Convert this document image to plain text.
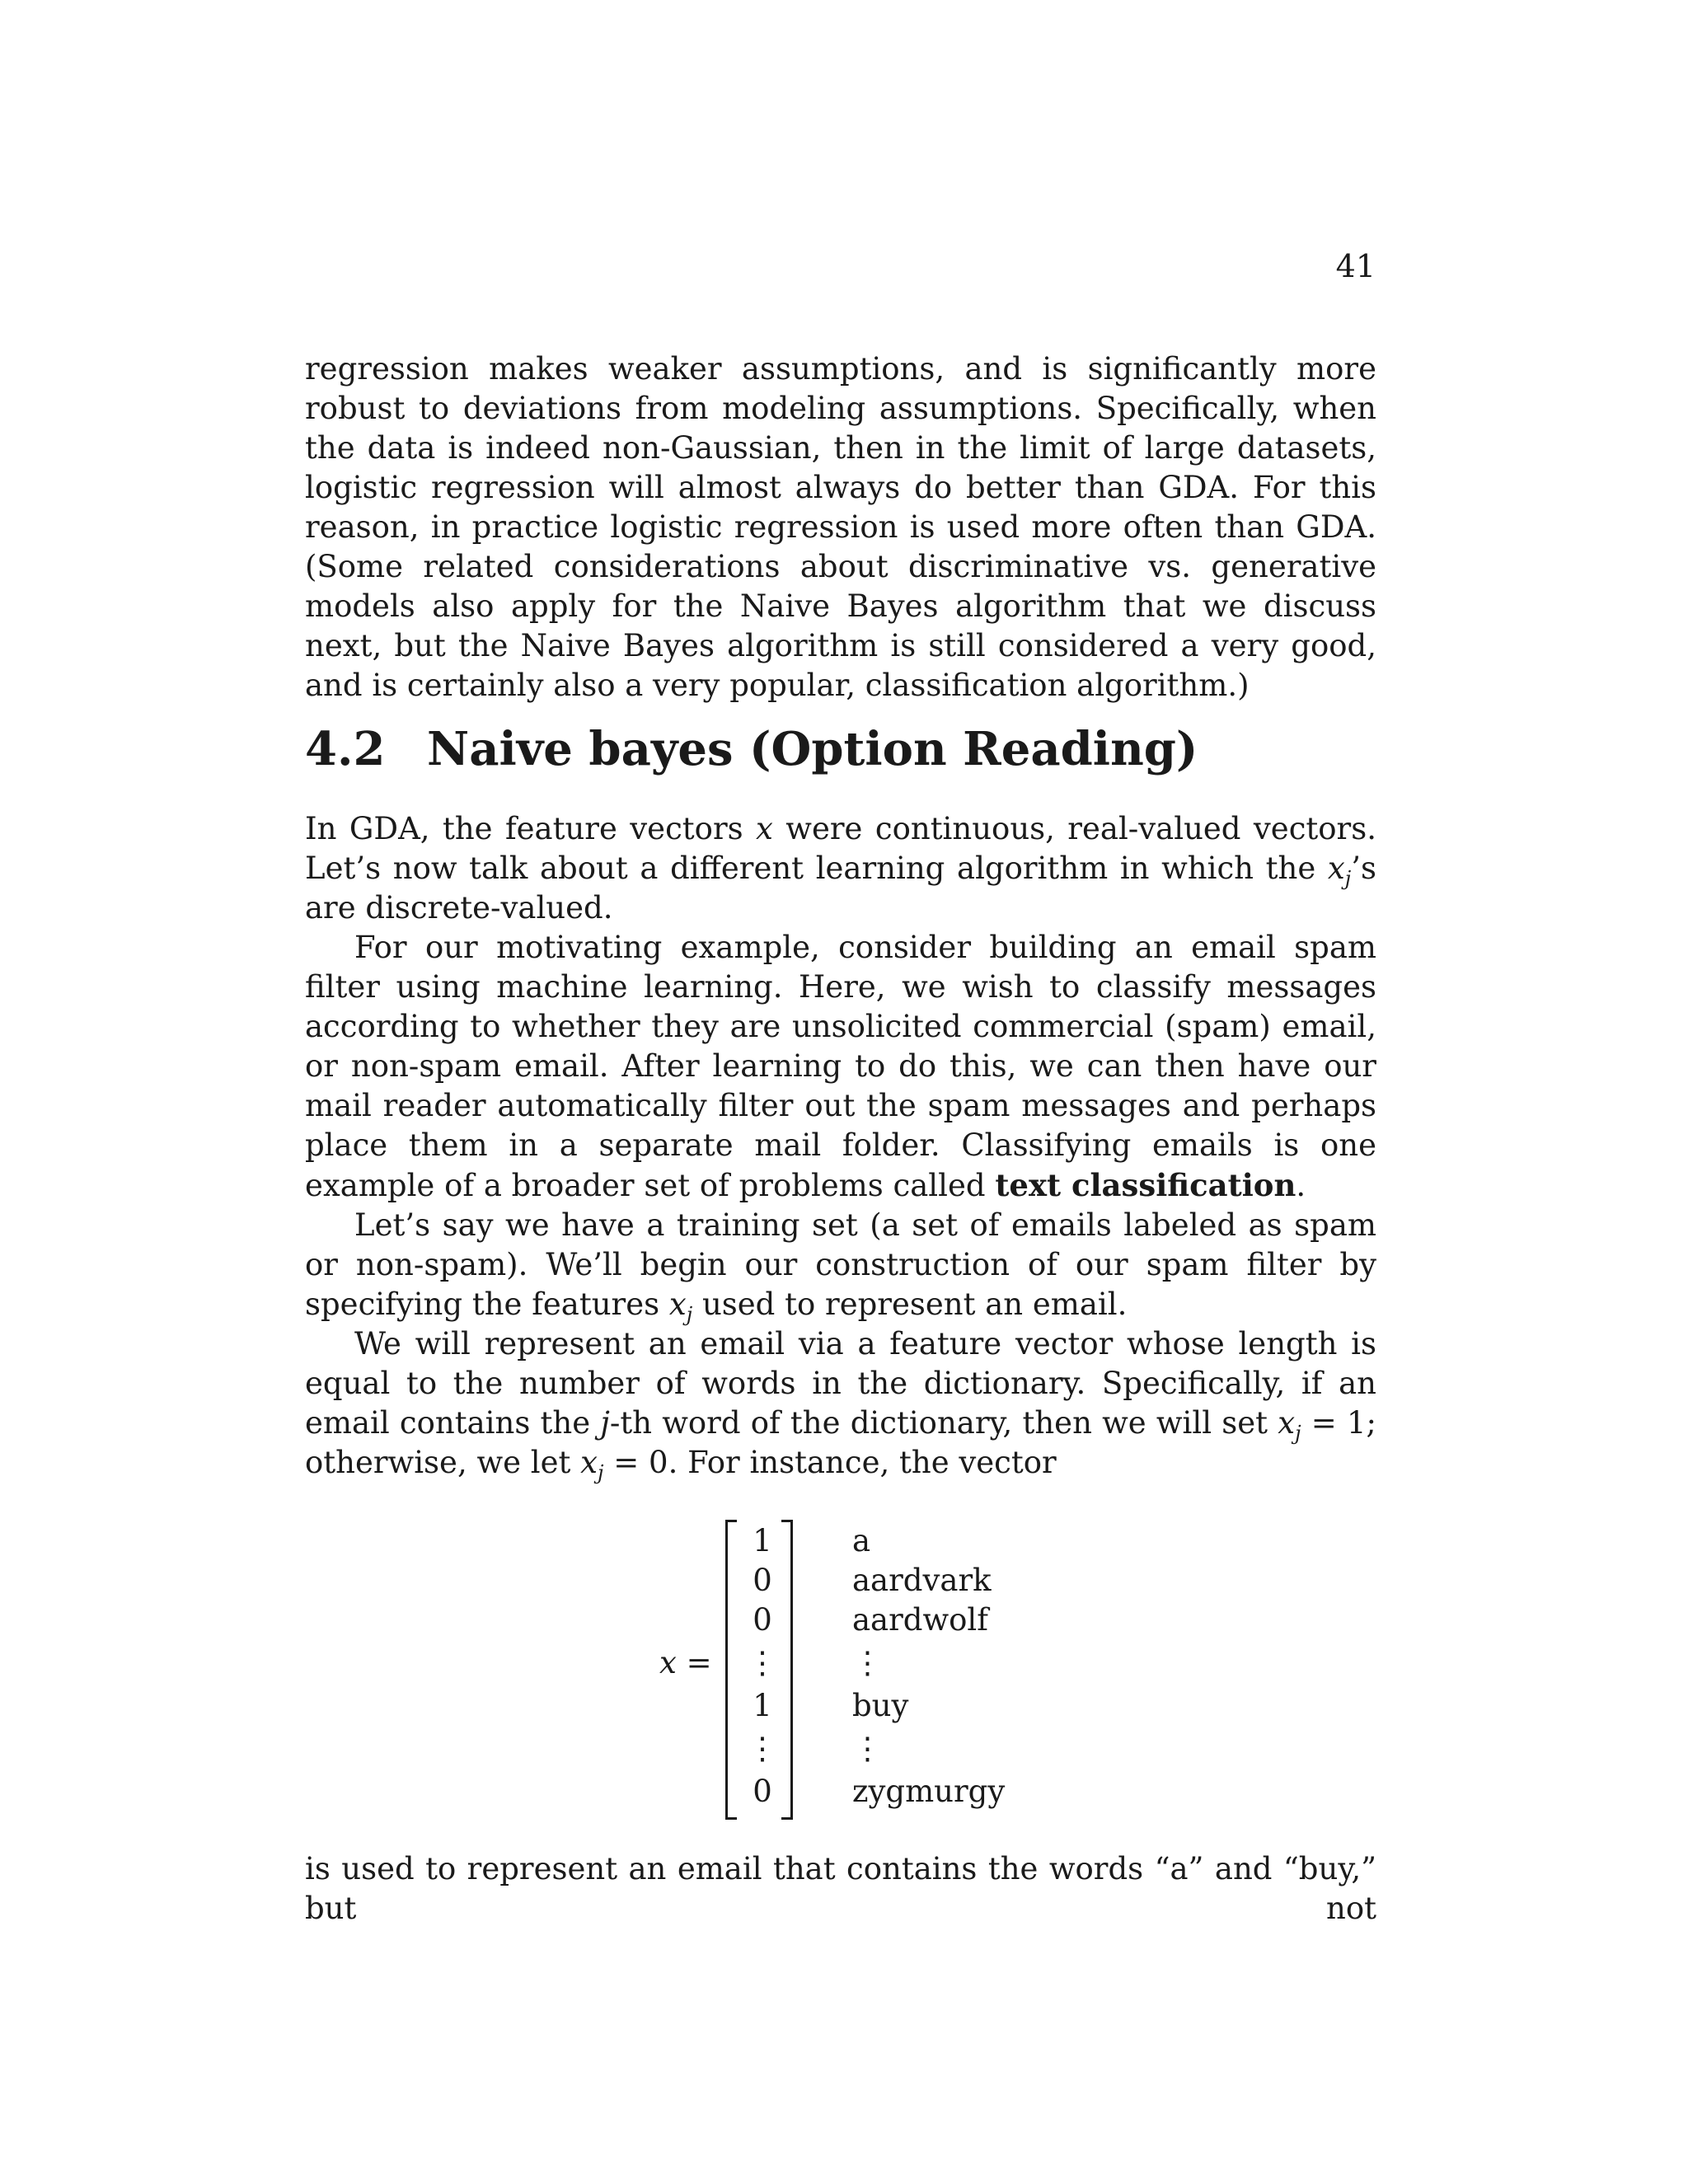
41

regression makes weaker assumptions, and is significantly more robust to deviations from modeling assumptions. Specifically, when the data is indeed non-Gaussian, then in the limit of large datasets, logistic regression will almost always do better than GDA. For this reason, in practice logistic regression is used more often than GDA. (Some related considerations about discriminative vs. generative models also apply for the Naive Bayes algorithm that we discuss next, but the Naive Bayes algorithm is still considered a very good, and is certainly also a very popular, classification algorithm.)

4.2 Naive bayes (Option Reading)

In GDA, the feature vectors x were continuous, real-valued vectors. Let’s now talk about a different learning algorithm in which the $x_j’s$ are discrete-valued.

For our motivating example, consider building an email spam filter using machine learning. Here, we wish to classify messages according to whether they are unsolicited commercial (spam) email, or non-spam email. After learning to do this, we can then have our mail reader automatically filter out the spam messages and perhaps place them in a separate mail folder. Classifying emails is one example of a broader set of problems called text classification.

Let’s say we have a training set (a set of emails labeled as spam or non-spam). We’ll begin our construction of our spam filter by specifying the features $x_j$ used to represent an email.

We will represent an email via a feature vector whose length is equal to the number of words in the dictionary. Specifically, if an email contains the j-th word of the dictionary, then we will set $x_j = 1$; otherwise, we let $x_j = 0$. For instance, the vector

x =
1
0
0
⋮
1
⋮
0
a
aardvark
aardwolf
⋮
buy
⋮
zygmurgy

is used to represent an email that contains the words “a” and “buy,” but not
